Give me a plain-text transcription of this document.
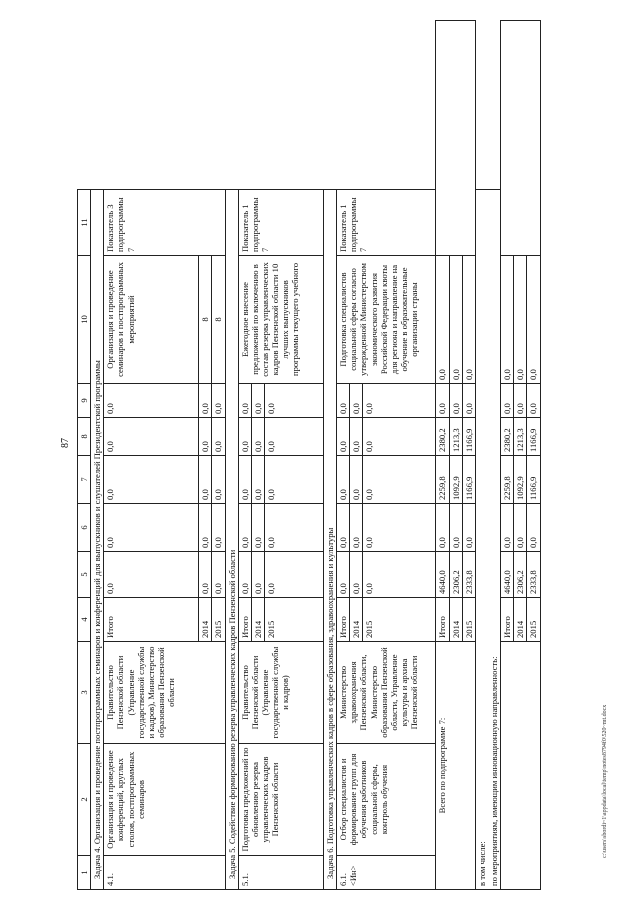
87
c:\users\sbordi~1\appdata\local\temp\notes8794f0\520~mt.docx
1	2	3	4	5	6	7	8	9	10	11
Задача 4. Организация и проведение постпрограммных семинаров и конференций для выпускников и слушателей Президентской программы										
4.1.	Организация и проведение конференций, круглых столов, постпрограммных семинаров	Правительство Пензенской области (Управление государственной службы и кадров), Министерство образования Пензенской области	Итого	0,0	0,0	0,0	0,0	0,0	Организация и проведение семинаров и постпрограммных мероприятий	Показатель 3 подпрограммы 7
			2014	0,0	0,0	0,0	0,0	0,0	8	
			2015	0,0	0,0	0,0	0,0	0,0	8	
Задача 5. Содействие формированию резерва управленческих кадров Пензенской области										
5.1.	Подготовка предложений по обновлению резерва управленческих кадров Пензенской области	Правительство Пензенской области (Управление государственной службы и кадров)	Итого	0,0	0,0	0,0	0,0	0,0	Ежегодное внесение предложений по включению в состав резерва управленческих кадров Пензенской области 10 лучших выпускников программы текущего учебного	Показатель 1 подпрограммы 7
			2014	0,0	0,0	0,0	0,0	0,0		
			2015	0,0	0,0	0,0	0,0	0,0		
Задача 6. Подготовка управленческих кадров в сфере образования, здравоохранения и культуры										
6.1. <Ин>	Отбор специалистов и формирование групп для обучения работников социальной сферы, контроль обучения	Министерство здравоохранения Пензенской области, Министерство образования Пензенской области, Управление культуры и архива Пензенской области	Итого	0,0	0,0	0,0	0,0	0,0	Подготовка специалистов социальной сферы согласно утвержденной Министерством экономического развития Российской Федерации квоты для региона и направление на обучение в образовательные организации страны	Показатель 1 подпрограммы 7
			2014	0,0	0,0	0,0	0,0	0,0		
			2015	0,0	0,0	0,0	0,0	0,0		
Всего по подпрограмме 7:			Итого	4640,0	0,0	2259,8	2380,2	0,0	0,0	
			2014	2306,2	0,0	1092,9	1213,3	0,0	0,0	
			2015	2333,8	0,0	1166,9	1166,9	0,0	0,0	
в том числе:										
по мероприятиям, имеющим инновационную направленность:										
			Итого	4640,0	0,0	2259,8	2380,2	0,0	0,0	
			2014	2306,2	0,0	1092,9	1213,3	0,0	0,0	
			2015	2333,8	0,0	1166,9	1166,9	0,0	0,0	
